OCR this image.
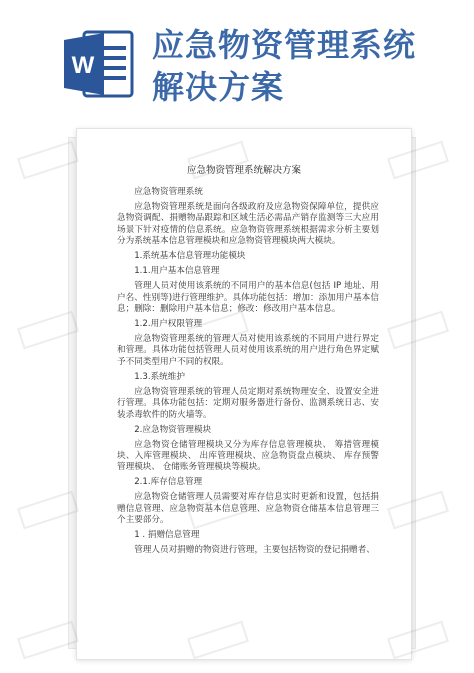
W
应急物资管理系统
解决方案
应急物资管理系统解决方案

应急物资管理系统

应急物资管理系统是面向各级政府及应急物资保障单位，提供应急物资调配、捐赠物品跟踪和区域生活必需品产销存监测等三大应用场景下针对疫情的信息系统。应急物资管理系统根据需求分析主要划分为系统基本信息管理模块和应急物资管理模块两大模块。

1.系统基本信息管理功能模块

1.1.用户基本信息管理

管理人员对使用该系统的不同用户的基本信息(包括 IP 地址、用户名、性别等)进行管理维护。具体功能包括：增加：添加用户基本信息；删除：删除用户基本信息；修改：修改用户基本信息。

1.2.用户权限管理

应急物资管理系统的管理人员对使用该系统的不同用户进行界定和管理。具体功能包括管理人员对使用该系统的用户进行角色界定赋予不同类型用户不同的权限。

1.3.系统维护

应急物资管理系统的管理人员定期对系统物理安全、设置安全进行管理。具体功能包括：定期对服务器进行备份、监测系统日志、安装杀毒软件的防火墙等。

2.应急物资管理模块

应急物资仓储管理模块又分为库存信息管理模块、 筹措管理模块、入库管理模块、 出库管理模块、应急物资盘点模块、 库存预警管理模块、 仓储账务管理模块等模块。

2.1.库存信息管理

应急物资仓储管理人员需要对库存信息实时更新和设置，包括捐赠信息管理、应急物资基本信息管理、应急物资仓储基本信息管理三个主要部分。

1 . 捐赠信息管理

管理人员对捐赠的物资进行管理，主要包括物资的登记捐赠者、
